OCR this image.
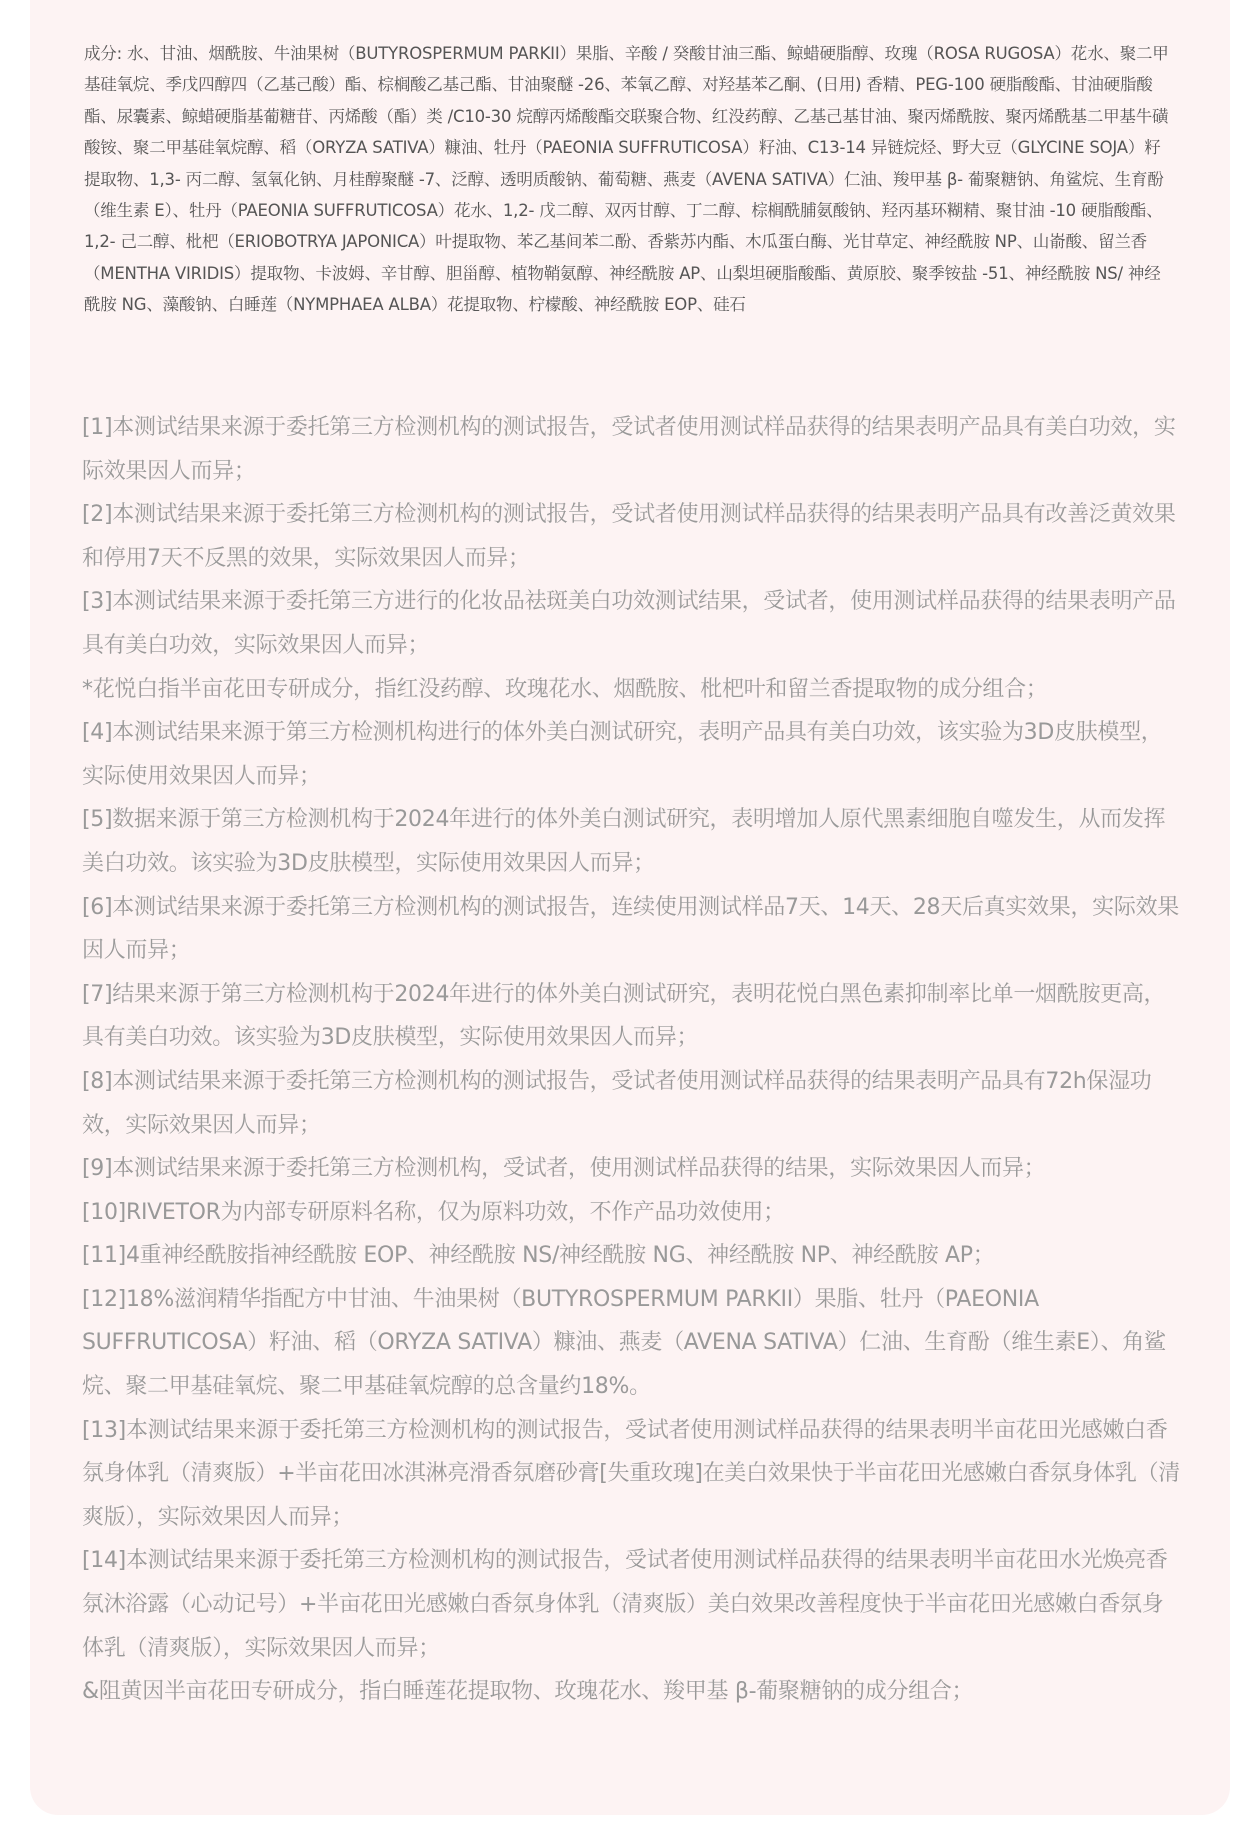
成分: 水、甘油、烟酰胺、牛油果树（BUTYROSPERMUM PARKII）果脂、辛酸 / 癸酸甘油三酯、鲸蜡硬脂醇、玫瑰（ROSA RUGOSA）花水、聚二甲基硅氧烷、季戊四醇四（乙基己酸）酯、棕榈酸乙基己酯、甘油聚醚 -26、苯氧乙醇、对羟基苯乙酮、(日用) 香精、PEG-100 硬脂酸酯、甘油硬脂酸酯、尿囊素、鲸蜡硬脂基葡糖苷、丙烯酸（酯）类 /C10-30 烷醇丙烯酸酯交联聚合物、红没药醇、乙基己基甘油、聚丙烯酰胺、聚丙烯酰基二甲基牛磺酸铵、聚二甲基硅氧烷醇、稻（ORYZA SATIVA）糠油、牡丹（PAEONIA SUFFRUTICOSA）籽油、C13-14 异链烷烃、野大豆（GLYCINE SOJA）籽提取物、1,3- 丙二醇、氢氧化钠、月桂醇聚醚 -7、泛醇、透明质酸钠、葡萄糖、燕麦（AVENA SATIVA）仁油、羧甲基 β- 葡聚糖钠、角鲨烷、生育酚（维生素 E）、牡丹（PAEONIA SUFFRUTICOSA）花水、1,2- 戊二醇、双丙甘醇、丁二醇、棕榈酰脯氨酸钠、羟丙基环糊精、聚甘油 -10 硬脂酸酯、1,2- 己二醇、枇杷（ERIOBOTRYA JAPONICA）叶提取物、苯乙基间苯二酚、香紫苏内酯、木瓜蛋白酶、光甘草定、神经酰胺 NP、山嵛酸、留兰香（MENTHA VIRIDIS）提取物、卡波姆、辛甘醇、胆甾醇、植物鞘氨醇、神经酰胺 AP、山梨坦硬脂酸酯、黄原胶、聚季铵盐 -51、神经酰胺 NS/ 神经酰胺 NG、藻酸钠、白睡莲（NYMPHAEA ALBA）花提取物、柠檬酸、神经酰胺 EOP、硅石

[1]本测试结果来源于委托第三方检测机构的测试报告，受试者使用测试样品获得的结果表明产品具有美白功效，实际效果因人而异；
[2]本测试结果来源于委托第三方检测机构的测试报告，受试者使用测试样品获得的结果表明产品具有改善泛黄效果和停用7天不反黑的效果，实际效果因人而异；
[3]本测试结果来源于委托第三方进行的化妆品祛斑美白功效测试结果，受试者，使用测试样品获得的结果表明产品具有美白功效，实际效果因人而异；
*花悦白指半亩花田专研成分，指红没药醇、玫瑰花水、烟酰胺、枇杷叶和留兰香提取物的成分组合；
[4]本测试结果来源于第三方检测机构进行的体外美白测试研究，表明产品具有美白功效，该实验为3D皮肤模型，实际使用效果因人而异；
[5]数据来源于第三方检测机构于2024年进行的体外美白测试研究，表明增加人原代黑素细胞自噬发生，从而发挥美白功效。该实验为3D皮肤模型，实际使用效果因人而异；
[6]本测试结果来源于委托第三方检测机构的测试报告，连续使用测试样品7天、14天、28天后真实效果，实际效果因人而异；
[7]结果来源于第三方检测机构于2024年进行的体外美白测试研究，表明花悦白黑色素抑制率比单一烟酰胺更高，具有美白功效。该实验为3D皮肤模型，实际使用效果因人而异；
[8]本测试结果来源于委托第三方检测机构的测试报告，受试者使用测试样品获得的结果表明产品具有72h保湿功效，实际效果因人而异；
[9]本测试结果来源于委托第三方检测机构，受试者，使用测试样品获得的结果，实际效果因人而异；
[10]RIVETOR为内部专研原料名称，仅为原料功效，不作产品功效使用；
[11]4重神经酰胺指神经酰胺 EOP、神经酰胺 NS/神经酰胺 NG、神经酰胺 NP、神经酰胺 AP；
[12]18%滋润精华指配方中甘油、牛油果树（BUTYROSPERMUM PARKII）果脂、牡丹（PAEONIA SUFFRUTICOSA）籽油、稻（ORYZA SATIVA）糠油、燕麦（AVENA SATIVA）仁油、生育酚（维生素E）、角鲨烷、聚二甲基硅氧烷、聚二甲基硅氧烷醇的总含量约18%。
[13]本测试结果来源于委托第三方检测机构的测试报告，受试者使用测试样品获得的结果表明半亩花田光感嫩白香氛身体乳（清爽版）+半亩花田冰淇淋亮滑香氛磨砂膏[失重玫瑰]在美白效果快于半亩花田光感嫩白香氛身体乳（清爽版），实际效果因人而异；
[14]本测试结果来源于委托第三方检测机构的测试报告，受试者使用测试样品获得的结果表明半亩花田水光焕亮香氛沐浴露（心动记号）+半亩花田光感嫩白香氛身体乳（清爽版）美白效果改善程度快于半亩花田光感嫩白香氛身体乳（清爽版），实际效果因人而异；
&阻黄因半亩花田专研成分，指白睡莲花提取物、玫瑰花水、羧甲基 β-葡聚糖钠的成分组合；
